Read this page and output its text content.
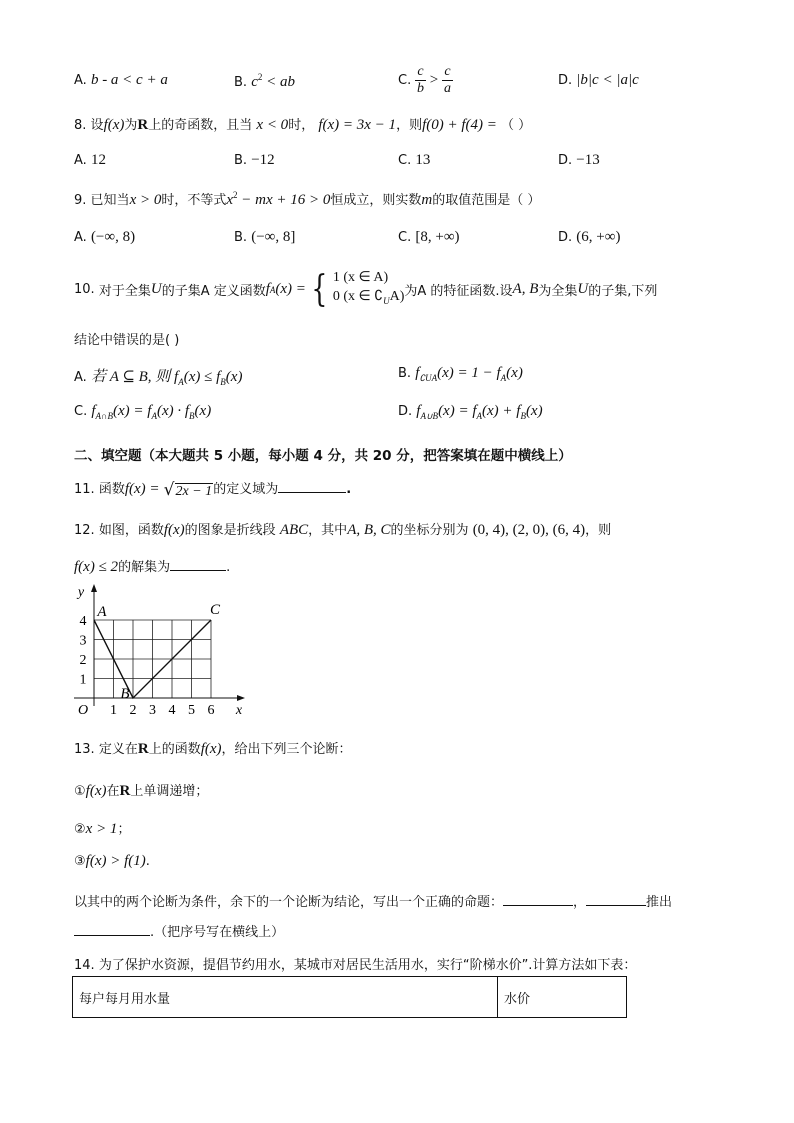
A. b - a < c + a	B. $c^2$ < ab	C. $\frac{c}{b} > \frac{c}{a}$	D. |b|c < |a|c
8. 设f(x)为R上的奇函数，且当 x < 0时， f(x) = 3x − 1，则f(0) + f(4) = （ ）
A. 12	B. −12	C. 13	D. −13
9. 已知当x > 0时，不等式$x^2$ − mx + 16 > 0恒成立，则实数m的取值范围是（ ）
A. (−∞, 8)	B. (−∞, 8]	C. [8, +∞)	D. (6, +∞)
10.
对于全集 U 的子集A 定义函数 f A (x) = { 1 (x ∈ A)
0 (x ∈ $∁_UA$) 为A 的特征函数.设 A, B 为全集 U 的子集,下列
结论中错误的是( )
A. 若 A ⊆ B, 则 $f_A(x) \le f_B(x)$	B. $f_{∁UA}(x) = 1 - f_A(x)$
C. $f_{A\cap B}(x) = f_A(x) \cdot f_B(x)$	D. $f_{A\cup B}(x) = f_A(x) + f_B(x)$
二、填空题（本大题共 5 小题，每小题 4 分，共 20 分，把答案填在题中横线上）
11. 函数f(x) = √2x − 1的定义域为	.
12. 如图，函数f(x)的图象是折线段 ABC，其中A, B, C的坐标分别为 (0, 4), (2, 0), (6, 4)，则
f(x) ≤ 2的解集为	.
1 2 3 4 5 6
1
2
3
4
O	x
y
A
B
C
13. 定义在R上的函数f(x)，给出下列三个论断：
①f(x)在R上单调递增；
②x > 1；
③f(x) > f(1).
以其中的两个论断为条件，余下的一个论断为结论，写出一个正确的命题：	，	推出
.（把序号写在横线上）
14. 为了保护水资源，提倡节约用水，某城市对居民生活用水，实行“阶梯水价”.计算方法如下表：
每户每月用水量	水价
